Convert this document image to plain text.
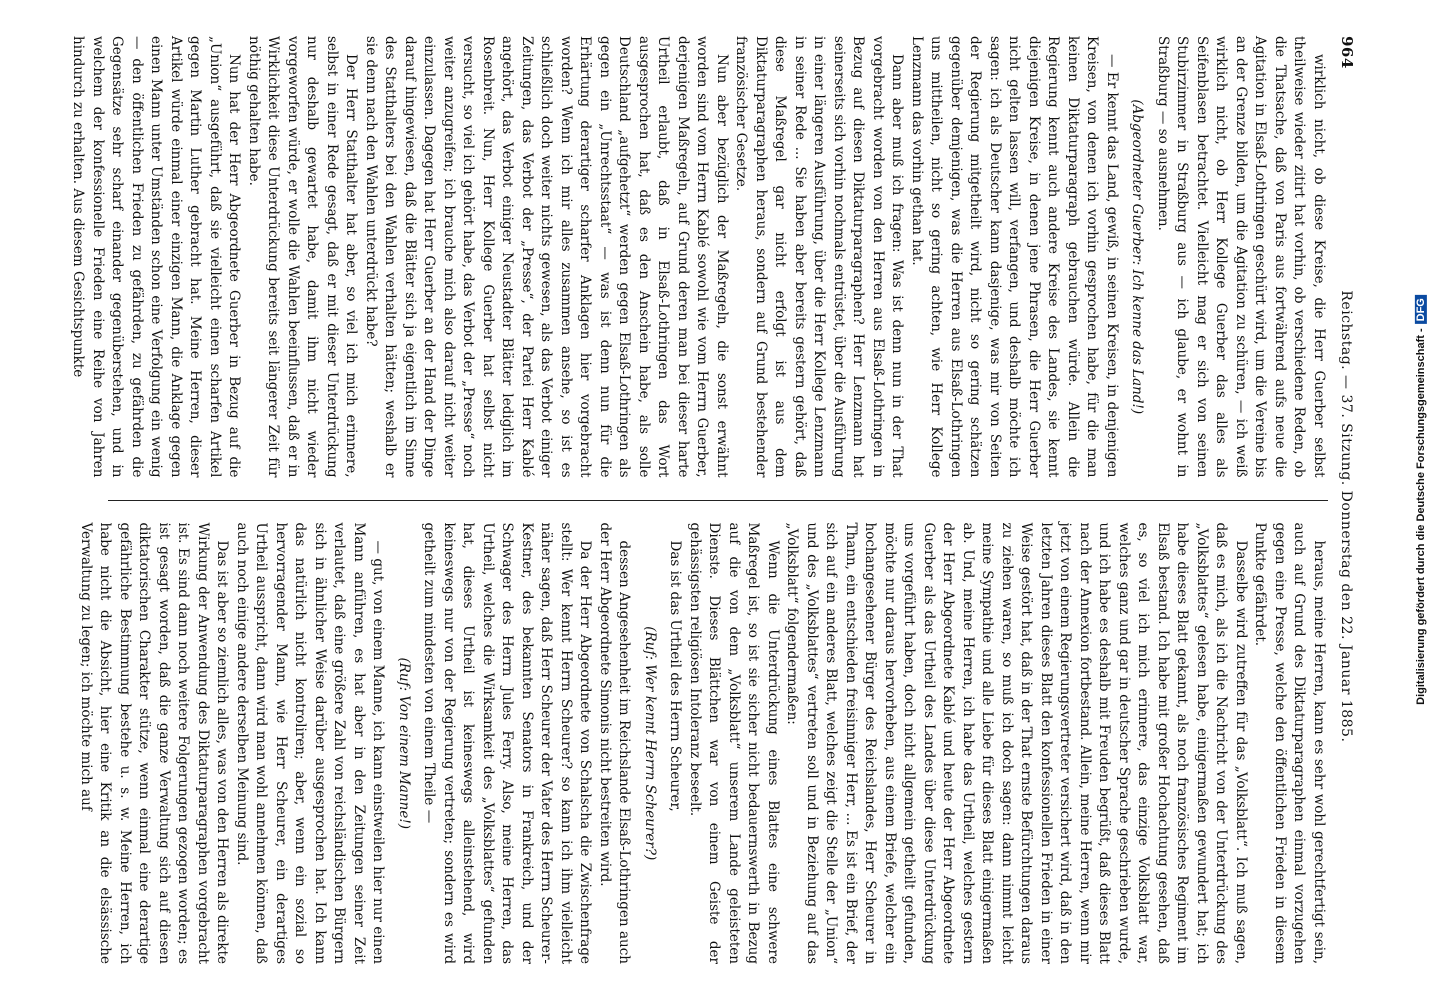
964
Reichstag. — 37. Sitzung. Donnerstag den 22. Januar 1885.

wirklich nicht, ob diese Kreise, die Herr Guerber selbst theilweise wieder zitirt hat vorhin, ob verschiedene Reden, ob die Thatsache, daß von Paris aus fortwährend aufs neue die Agitation in Elsaß-Lothringen geschürt wird, um die Vereine bis an der Grenze bilden, um die Agitation zu schüren, — ich weiß wirklich nicht, ob Herr Kollege Guerber das alles als Seifenblasen betrachtet. Vielleicht mag er sich von seinen Stubirzimmer in Straßburg aus — ich glaube, er wohnt in Straßburg — so ausnehmen.

(Abgeordneter Guerber: Ich kenne das Land!)

— Er kennt das Land, gewiß, in seinen Kreisen, in denjenigen Kreisen, von denen ich vorhin gesprochen habe, für die man keinen Diktaturparagraph gebrauchen würde. Allein die Regierung kennt auch andere Kreise des Landes, sie kennt diejenigen Kreise, in denen jene Phrasen, die Herr Guerber nicht gelten lassen will, verfangen, und deshalb möchte ich sagen: ich als Deutscher kann dasjenige, was mir von Seiten der Regierung mitgetheilt wird, nicht so gering schätzen gegenüber demjenigen, was die Herren aus Elsaß-Lothringen uns mittheilen, nicht so gering achten, wie Herr Kollege Lenzmann das vorhin gethan hat.

Dann aber muß ich fragen: Was ist denn nun in der That vorgebracht worden von den Herren aus Elsaß-Lothringen in Bezug auf diesen Diktaturparagraphen? Herr Lenzmann hat seinerseits sich vorhin nochmals entrüstet, über die Ausführung in einer längeren Ausführung, über die Herr Kollege Lenzmann in seiner Rede ... Sie haben aber bereits gestern gehört, daß diese Maßregel gar nicht erfolgt ist aus dem Diktaturparagraphen heraus, sondern auf Grund bestehender französischer Gesetze.

Nun aber bezüglich der Maßregeln, die sonst erwähnt worden sind vom Herrn Kablé sowohl wie vom Herrn Guerber, derjenigen Maßregeln, auf Grund deren man bei dieser harte Urtheil erlaubt, daß in Elsaß-Lothringen das Wort ausgesprochen hat, daß es den Anschein habe, als solle Deutschland „aufgehetzt“ werden gegen Elsaß-Lothringen als gegen ein „Unrechtsstaat“ — was ist denn nun für die Erhärtung derartiger scharfer Anklagen hier vorgebracht worden? Wenn ich mir alles zusammen ansehe, so ist es schließlich doch weiter nichts gewesen, als das Verbot einiger Zeitungen, das Verbot der „Presse“, der Partei Herr Kablé angehört, das Verbot einiger Neustadter Blätter lediglich im Rosenbreit. Nun, Herr Kollege Guerber hat selbst nicht versucht, so viel ich gehört habe, das Verbot der „Presse“ noch weiter anzugreifen; ich brauche mich also darauf nicht weiter einzulassen. Dagegen hat Herr Guerber an der Hand der Dinge darauf hingewiesen, daß die Blätter sich ja eigentlich im Sinne des Statthalters bei den Wahlen verhalten hätten; weshalb er sie denn nach den Wahlen unterdrückt habe?

Der Herr Statthalter hat aber, so viel ich mich erinnere, selbst in einer Rede gesagt, daß er mit dieser Unterdrückung nur deshalb gewartet habe, damit ihm nicht wieder vorgeworfen würde, er wolle die Wahlen beeinflussen, daß er in Wirklichkeit diese Unterdrückung bereits seit längerer Zeit für nöthig gehalten habe.

Nun hat der Herr Abgeordnete Guerber in Bezug auf die „Union“ ausgeführt, daß sie vielleicht einen scharfen Artikel gegen Martin Luther gebracht hat. Meine Herren, dieser Artikel würde einmal einer einzigen Mann, die Anklage gegen einen Mann unter Umständen schon eine Verfolgung ein wenig — den öffentlichen Frieden zu gefährden, zu gefährden die Gegensätze sehr scharf einander gegenüberstehen, und in welchem der konfessionelle Frieden eine Reihe von Jahren hindurch zu erhalten. Aus diesem Gesichtspunkte

heraus, meine Herren, kann es sehr wohl gerechtfertigt sein, auch auf Grund des Diktaturparagraphen einmal vorzugehen gegen eine Presse, welche den öffentlichen Frieden in diesem Punkte gefährdet.

Dasselbe wird zutreffen für das „Volksblatt“. Ich muß sagen, daß es mich, als ich die Nachricht von der Unterdrückung des „Volksblattes“ gelesen habe, einigermaßen gewundert hat; ich habe dieses Blatt gekannt, als noch französisches Regiment im Elsaß bestand. Ich habe mit großer Hochachtung gesehen, daß es, so viel ich mich erinnere, das einzige Volksblatt war, welches ganz und gar in deutscher Sprache geschrieben wurde, und ich habe es deshalb mit Freuden begrüßt, daß dieses Blatt nach der Annexion fortbestand. Allein, meine Herren, wenn mir jetzt von einem Regierungsvertreter versichert wird, daß in den letzten Jahren dieses Blatt den konfessionellen Frieden in einer Weise gestört hat, daß in der That ernste Befürchtungen daraus zu ziehen waren, so muß ich doch sagen: dann nimmt leicht meine Sympathie und alle Liebe für dieses Blatt einigermaßen ab. Und, meine Herren, ich habe das Urtheil, welches gestern der Herr Abgeordnete Kablé und heute der Herr Abgeordnete Guerber als das Urtheil des Landes über diese Unterdrückung uns vorgeführt haben, doch nicht allgemein getheilt gefunden, möchte nur daraus hervorheben, aus einem Briefe, welcher ein hochangesehener Bürger des Reichslandes, Herr Scheurer in Thann, ein entschieden freisinniger Herr, ... Es ist ein Brief, der sich auf ein anderes Blatt, welches zeigt die Stelle der „Union“ und des „Volksblattes“ vertreten soll und in Beziehung auf das „Volksblatt“ folgendermaßen:

Wenn die Unterdrückung eines Blattes eine schwere Maßregel ist, so ist sie sicher nicht bedauernswerth in Bezug auf die von dem „Volksblatt“ unserem Lande geleisteten Dienste. Dieses Blättchen war von einem Geiste der gehässigsten religiösen Intoleranz beseelt.

Das ist das Urtheil des Herrn Scheurer,

(Ruf: Wer kennt Herrn Scheurer?)

dessen Angesehenheit im Reichslande Elsaß-Lothringen auch der Herr Abgeordnete Simonis nicht bestreiten wird.

Da der Herr Abgeordnete von Schalscha die Zwischenfrage stellt: Wer kennt Herrn Scheurer? so kann ich ihm vielleicht näher sagen, daß Herr Scheurer der Vater des Herrn Scheurer-Kestner, des bekannten Senators in Frankreich, und der Schwager des Herrn Jules Ferry. Also, meine Herren, das Urtheil, welches die Wirksamkeit des „Volksblattes“ gefunden hat, dieses Urtheil ist keineswegs alleinstehend, wird keineswegs nur von der Regierung vertreten; sondern es wird getheilt zum mindesten von einem Theile —

(Ruf: Von einem Manne!)

— gut, von einem Manne, ich kann einstweilen hier nur einen Mann anführen, es hat aber in den Zeitungen seiner Zeit verlautet, daß eine größere Zahl von reichsländischen Bürgern sich in ähnlicher Weise darüber ausgesprochen hat. Ich kann das natürlich nicht kontroliren; aber, wenn ein sozial so hervorragender Mann, wie Herr Scheurer, ein derartiges Urtheil ausspricht, dann wird man wohl annehmen können, daß auch noch einige andere derselben Meinung sind.

Das ist aber so ziemlich alles, was von den Herren als direkte Wirkung der Anwendung des Diktaturparagraphen vorgebracht ist. Es sind dann noch weitere Folgerungen gezogen worden; es ist gesagt worden, daß die ganze Verwaltung sich auf diesen diktatorischen Charakter stütze, wenn einmal eine derartige gefährliche Bestimmung bestehe u. s. w. Meine Herren, ich habe nicht die Absicht, hier eine Kritik an die elsässische Verwaltung zu legen; ich möchte mich auf	Digitalisierung gefördert durch die Deutsche Forschungsgemeinschaft -DFG
